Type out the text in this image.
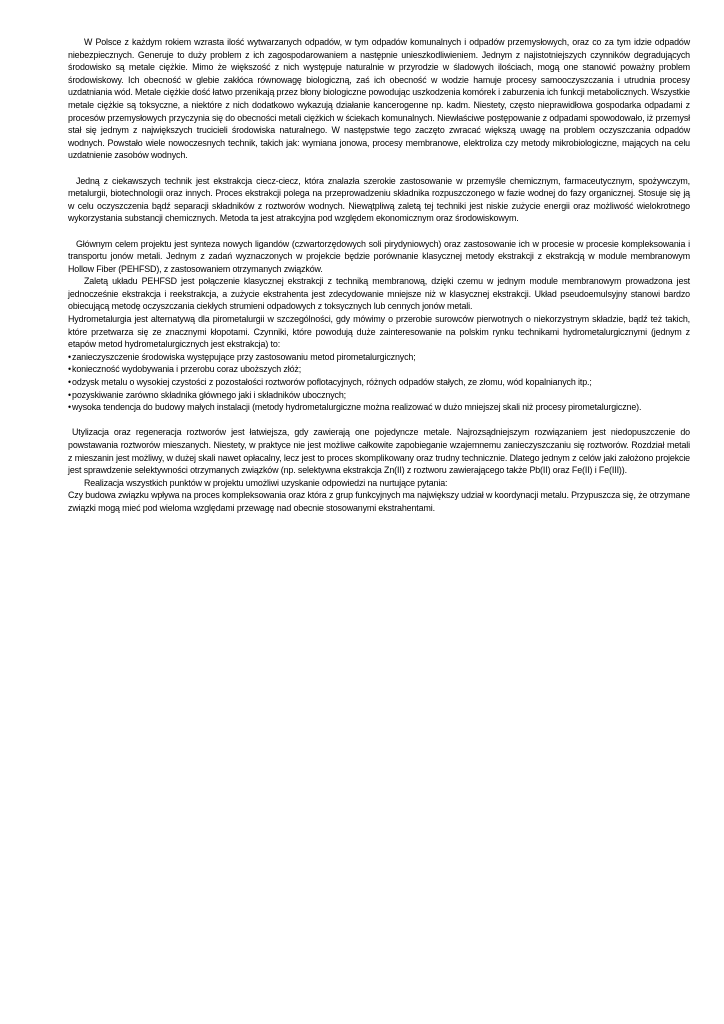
W Polsce z każdym rokiem wzrasta ilość wytwarzanych odpadów, w tym odpadów komunalnych i odpadów przemysłowych, oraz co za tym idzie odpadów niebezpiecznych. Generuje to duży problem z ich zagospodarowaniem a następnie unieszkodliwieniem. Jednym z najistotniejszych czynników degradujących środowisko są metale ciężkie. Mimo że większość z nich występuje naturalnie w przyrodzie w śladowych ilościach, mogą one stanowić poważny problem środowiskowy. Ich obecność w glebie zakłóca równowagę biologiczną, zaś ich obecność w wodzie hamuje procesy samooczyszczania i utrudnia procesy uzdatniania wód. Metale ciężkie dość łatwo przenikają przez błony biologiczne powodując uszkodzenia komórek i zaburzenia ich funkcji metabolicznych. Wszystkie metale ciężkie są toksyczne, a niektóre z nich dodatkowo wykazują działanie kancerogenne np. kadm. Niestety, często nieprawidłowa gospodarka odpadami z procesów przemysłowych przyczynia się do obecności metali ciężkich w ściekach komunalnych. Niewłaściwe postępowanie z odpadami spowodowało, iż przemysł stał się jednym z największych trucicieli środowiska naturalnego. W następstwie tego zaczęto zwracać większą uwagę na problem oczyszczania odpadów wodnych. Powstało wiele nowoczesnych technik, takich jak: wymiana jonowa, procesy membranowe, elektroliza czy metody mikrobiologiczne, mających na celu uzdatnienie zasobów wodnych.

Jedną z ciekawszych technik jest ekstrakcja ciecz-ciecz, która znalazła szerokie zastosowanie w przemyśle chemicznym, farmaceutycznym, spożywczym, metalurgii, biotechnologii oraz innych. Proces ekstrakcji polega na przeprowadzeniu składnika rozpuszczonego w fazie wodnej do fazy organicznej. Stosuje się ją w celu oczyszczenia bądź separacji składników z roztworów wodnych. Niewątpliwą zaletą tej techniki jest niskie zużycie energii oraz możliwość wielokrotnego wykorzystania substancji chemicznych. Metoda ta jest atrakcyjna pod względem ekonomicznym oraz środowiskowym.

Głównym celem projektu jest synteza nowych ligandów (czwartorzędowych soli pirydyniowych) oraz zastosowanie ich w procesie w procesie kompleksowania i transportu jonów metali. Jednym z zadań wyznaczonych w projekcie będzie porównanie klasycznej metody ekstrakcji z ekstrakcją w module membranowym Hollow Fiber (PEHFSD), z zastosowaniem otrzymanych związków.

Zaletą układu PEHFSD jest połączenie klasycznej ekstrakcji z techniką membranową, dzięki czemu w jednym module membranowym prowadzona jest jednocześnie ekstrakcja i reekstrakcja, a zużycie ekstrahenta jest zdecydowanie mniejsze niż w klasycznej ekstrakcji. Układ pseudoemulsyjny stanowi bardzo obiecującą metodę oczyszczania ciekłych strumieni odpadowych z toksycznych lub cennych jonów metali.

Hydrometalurgia jest alternatywą dla pirometalurgii w szczególności, gdy mówimy o przerobie surowców pierwotnych o niekorzystnym składzie, bądź też takich, które przetwarza się ze znacznymi kłopotami. Czynniki, które powodują duże zainteresowanie na polskim rynku technikami hydrometalurgicznymi (jednym z etapów metod hydrometalurgicznych jest ekstrakcja) to:

•zanieczyszczenie środowiska występujące przy zastosowaniu metod pirometalurgicznych;
•konieczność wydobywania i przerobu coraz uboższych złóż;
•odzysk metalu o wysokiej czystości z pozostałości roztworów poflotacyjnych, różnych odpadów stałych, ze złomu, wód kopalnianych itp.;
•pozyskiwanie zarówno składnika głównego jaki i składników ubocznych;
•wysoka tendencja do budowy małych instalacji (metody hydrometalurgiczne można realizować w dużo mniejszej skali niż procesy pirometalurgiczne).

Utylizacja oraz regeneracja roztworów jest łatwiejsza, gdy zawierają one pojedyncze metale. Najrozsądniejszym rozwiązaniem jest niedopuszczenie do powstawania roztworów mieszanych. Niestety, w praktyce nie jest możliwe całkowite zapobieganie wzajemnemu zanieczyszczaniu się roztworów. Rozdział metali z mieszanin jest możliwy, w dużej skali nawet opłacalny, lecz jest to proces skomplikowany oraz trudny technicznie. Dlatego jednym z celów jaki założono projekcie jest sprawdzenie selektywności otrzymanych związków (np. selektywna ekstrakcja Zn(II) z roztworu zawierającego także Pb(II) oraz Fe(II) i Fe(III)).

Realizacja wszystkich punktów w projektu umożliwi uzyskanie odpowiedzi na nurtujące pytania:

Czy budowa związku wpływa na proces kompleksowania oraz która z grup funkcyjnych ma największy udział w koordynacji metalu. Przypuszcza się, że otrzymane związki mogą mieć pod wieloma względami przewagę nad obecnie stosowanymi ekstrahentami.
